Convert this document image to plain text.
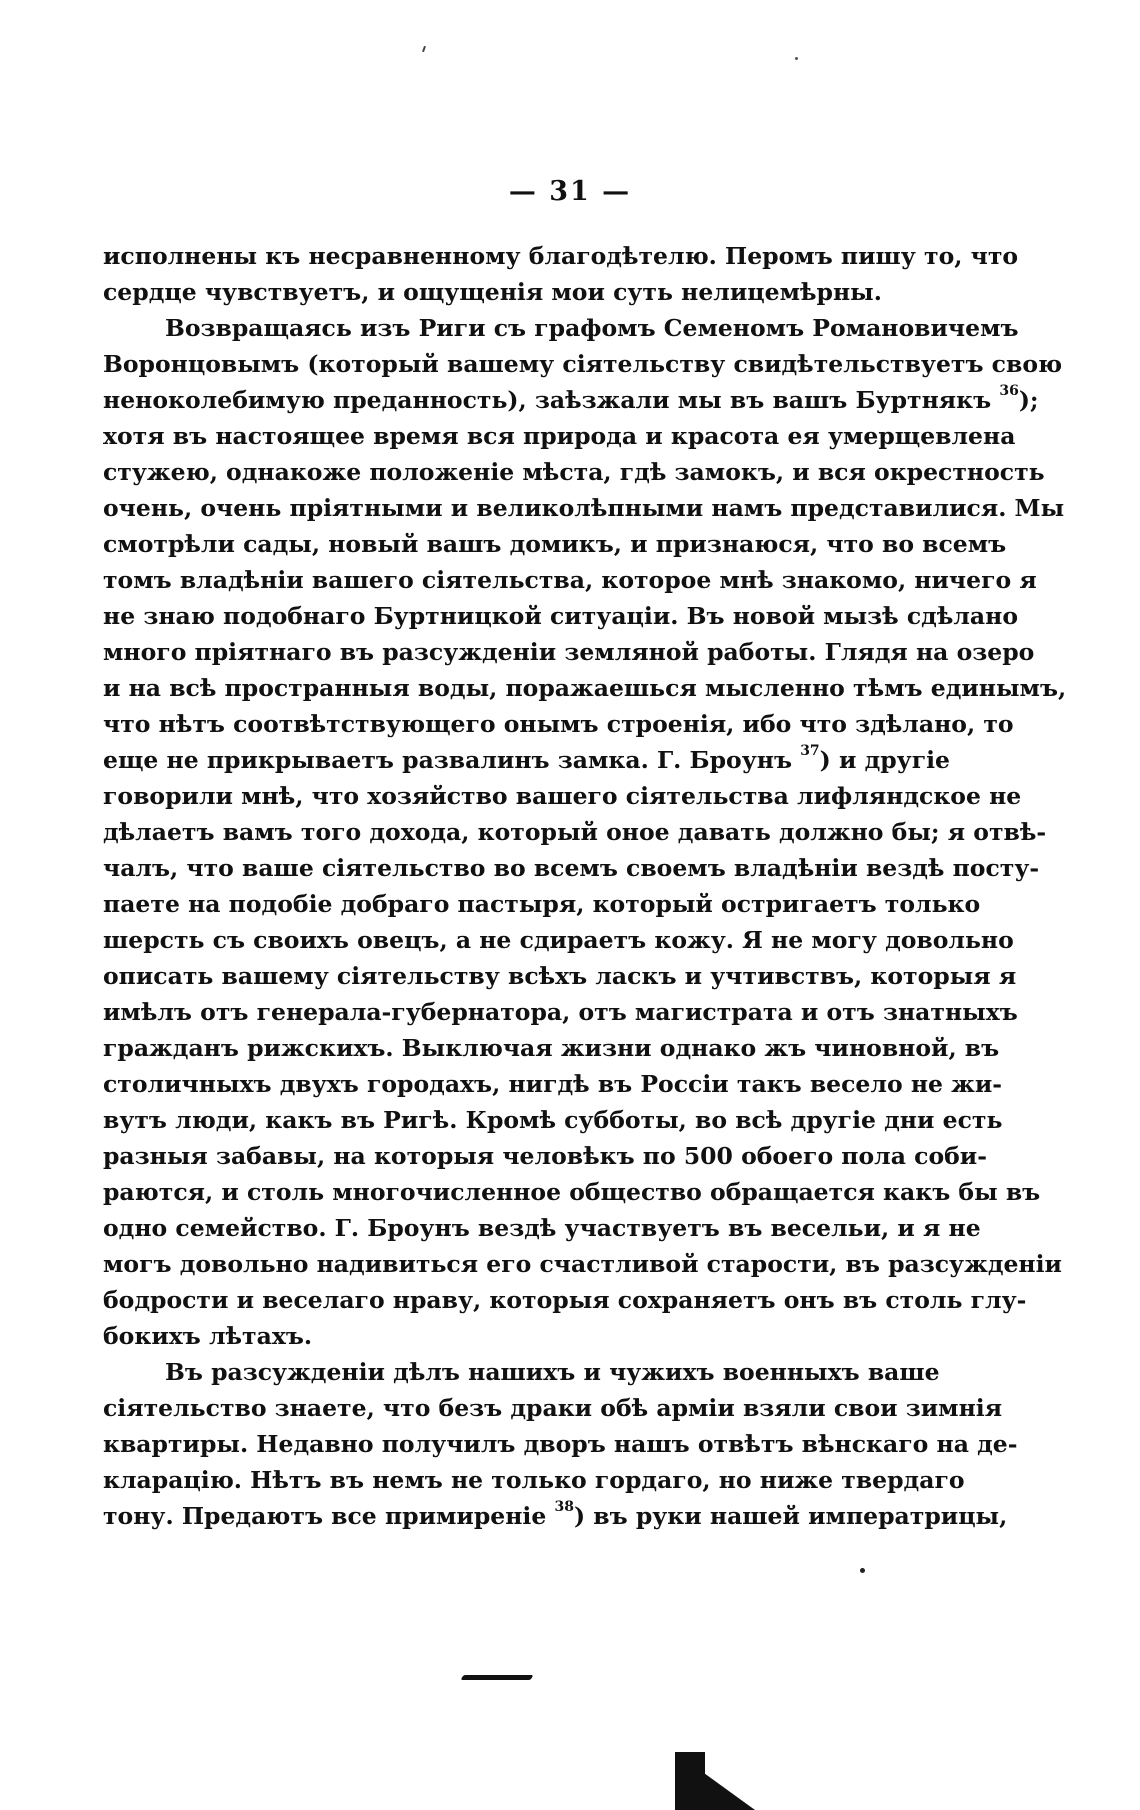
— 31 —
исполнены къ несравненному благодѣтелю. Перомъ пишу то, что
сердце чувствуетъ, и ощущенія мои суть нелицемѣрны.
Возвращаясь изъ Риги съ графомъ Семеномъ Романовичемъ
Воронцовымъ (который вашему сіятельству свидѣтельствуетъ свою
неноколебимую преданность), заѣзжали мы въ вашъ Буртнякъ $^{36}$);
хотя въ настоящее время вся природа и красота ея умерщевлена
стужею, однакоже положеніе мѣста, гдѣ замокъ, и вся окрестность
очень, очень пріятными и великолѣпными намъ представилися. Мы
смотрѣли сады, новый вашъ домикъ, и признаюся, что во всемъ
томъ владѣніи вашего сіятельства, которое мнѣ знакомо, ничего я
не знаю подобнаго Буртницкой ситуаціи. Въ новой мызѣ сдѣлано
много пріятнаго въ разсужденіи земляной работы. Глядя на озеро
и на всѣ пространныя воды, поражаешься мысленно тѣмъ единымъ,
что нѣтъ соотвѣтствующего онымъ строенія, ибо что здѣлано, то
еще не прикрываетъ развалинъ замка. Г. Броунъ $^{37}$) и другіе
говорили мнѣ, что хозяйство вашего сіятельства лифляндское не
дѣлаетъ вамъ того дохода, который оное давать должно бы; я отвѣ-
чалъ, что ваше сіятельство во всемъ своемъ владѣніи вездѣ посту-
паете на подобіе добраго пастыря, который остригаетъ только
шерсть съ своихъ овецъ, а не сдираетъ кожу. Я не могу довольно
описать вашему сіятельству всѣхъ ласкъ и учтивствъ, которыя я
имѣлъ отъ генерала-губернатора, отъ магистрата и отъ знатныхъ
гражданъ рижскихъ. Выключая жизни однако жъ чиновной, въ
столичныхъ двухъ городахъ, нигдѣ въ Россіи такъ весело не жи-
вутъ люди, какъ въ Ригѣ. Кромѣ субботы, во всѣ другіе дни есть
разныя забавы, на которыя человѣкъ по 500 обоего пола соби-
раются, и столь многочисленное общество обращается какъ бы въ
одно семейство. Г. Броунъ вездѣ участвуетъ въ весельи, и я не
могъ довольно надивиться его счастливой старости, въ разсужденіи
бодрости и веселаго нраву, которыя сохраняетъ онъ въ столь глу-
бокихъ лѣтахъ.
Въ разсужденіи дѣлъ нашихъ и чужихъ военныхъ ваше
сіятельство знаете, что безъ драки обѣ арміи взяли свои зимнія
квартиры. Недавно получилъ дворъ нашъ отвѣтъ вѣнскаго на де-
кларацію. Нѣтъ въ немъ не только гордаго, но ниже твердаго
тону. Предаютъ все примиреніе $^{38}$) въ руки нашей императрицы,
